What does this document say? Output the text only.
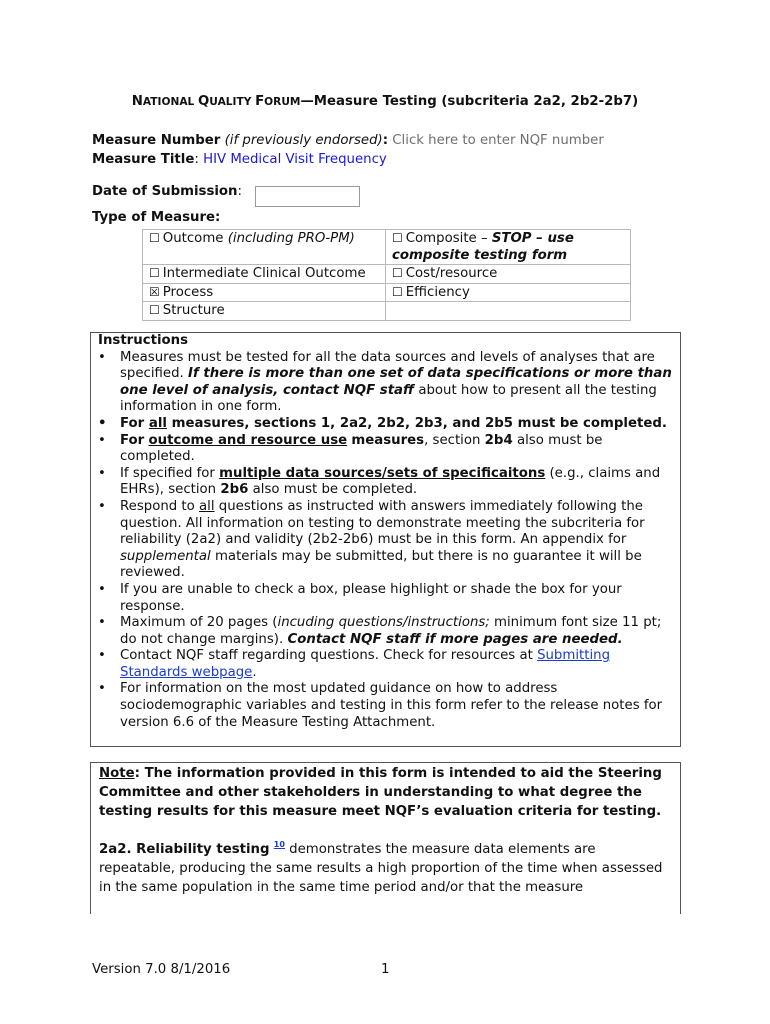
NATIONAL QUALITY FORUM—Measure Testing (subcriteria 2a2, 2b2-2b7)
Measure Number (if previously endorsed): Click here to enter NQF number
Measure Title: HIV Medical Visit Frequency
Date of Submission:
Type of Measure:
☐ Outcome (including PRO-PM)	☐ Composite – STOP – use composite testing form
☐ Intermediate Clinical Outcome	☐ Cost/resource
☒ Process	☐ Efficiency
☐ Structure	
Instructions
• Measures must be tested for all the data sources and levels of analyses that are specified. If there is more than one set of data specifications or more than one level of analysis, contact NQF staff about how to present all the testing information in one form.
• For all measures, sections 1, 2a2, 2b2, 2b3, and 2b5 must be completed.
• For outcome and resource use measures, section 2b4 also must be completed.
• If specified for multiple data sources/sets of specificaitons (e.g., claims and EHRs), section 2b6 also must be completed.
• Respond to all questions as instructed with answers immediately following the question. All information on testing to demonstrate meeting the subcriteria for reliability (2a2) and validity (2b2-2b6) must be in this form. An appendix for supplemental materials may be submitted, but there is no guarantee it will be reviewed.
• If you are unable to check a box, please highlight or shade the box for your response.
• Maximum of 20 pages (incuding questions/instructions; minimum font size 11 pt; do not change margins). Contact NQF staff if more pages are needed.
• Contact NQF staff regarding questions. Check for resources at Submitting Standards webpage.
• For information on the most updated guidance on how to address sociodemographic variables and testing in this form refer to the release notes for version 6.6 of the Measure Testing Attachment.

Note: The information provided in this form is intended to aid the Steering Committee and other stakeholders in understanding to what degree the testing results for this measure meet NQF’s evaluation criteria for testing.

2a2. Reliability testing $^{10}$ demonstrates the measure data elements are repeatable, producing the same results a high proportion of the time when assessed in the same population in the same time period and/or that the measure

Version 7.0 8/1/2016	1
